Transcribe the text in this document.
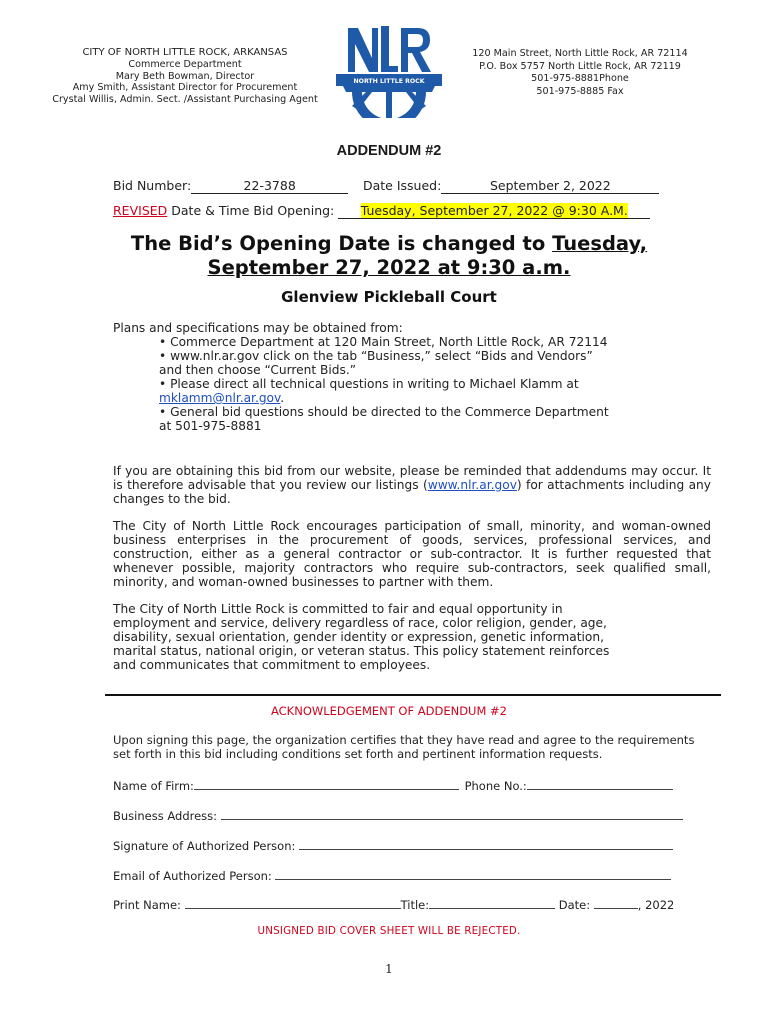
CITY OF NORTH LITTLE ROCK, ARKANSAS
Commerce Department
Mary Beth Bowman, Director
Amy Smith, Assistant Director for Procurement
Crystal Willis, Admin. Sect. /Assistant Purchasing Agent
NORTH LITTLE ROCK
120 Main Street, North Little Rock, AR 72114
P.O. Box 5757 North Little Rock, AR 72119
501-975-8881Phone
501-975-8885 Fax
ADDENDUM #2
Bid Number:	22-3788	Date Issued:	September 2, 2022
REVISED Date & Time Bid Opening: Tuesday, September 27, 2022 @ 9:30 A.M.
The Bid’s Opening Date is changed to Tuesday,
September 27, 2022 at 9:30 a.m.
Glenview Pickleball Court
Plans and specifications may be obtained from:
• Commerce Department at 120 Main Street, North Little Rock, AR 72114
• www.nlr.ar.gov click on the tab “Business,” select “Bids and Vendors”
and then choose “Current Bids.”
• Please direct all technical questions in writing to Michael Klamm at
mklamm@nlr.ar.gov.
• General bid questions should be directed to the Commerce Department
at 501-975-8881
If you are obtaining this bid from our website, please be reminded that addendums may occur. It is therefore advisable that you review our listings (www.nlr.ar.gov) for attachments including any changes to the bid.
The City of North Little Rock encourages participation of small, minority, and woman-owned business enterprises in the procurement of goods, services, professional services, and construction, either as a general contractor or sub-contractor. It is further requested that whenever possible, majority contractors who require sub-contractors, seek qualified small, minority, and woman-owned businesses to partner with them.
The City of North Little Rock is committed to fair and equal opportunity in
employment and service, delivery regardless of race, color religion, gender, age,
disability, sexual orientation, gender identity or expression, genetic information,
marital status, national origin, or veteran status. This policy statement reinforces
and communicates that commitment to employees.
ACKNOWLEDGEMENT OF ADDENDUM #2
Upon signing this page, the organization certifies that they have read and agree to the requirements
set forth in this bid including conditions set forth and pertinent information requests.
Name of Firm:	Phone No.:
Business Address:
Signature of Authorized Person:
Email of Authorized Person:
Print Name:	Title:	Date:	, 2022
UNSIGNED BID COVER SHEET WILL BE REJECTED.
1
